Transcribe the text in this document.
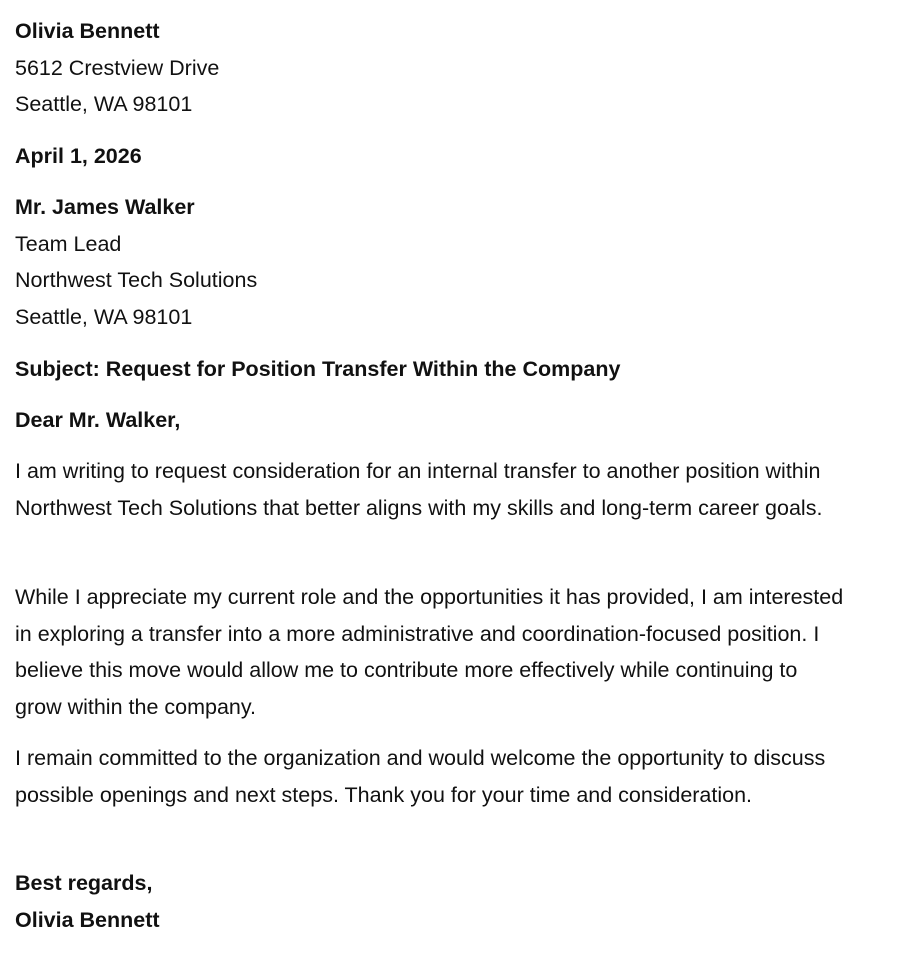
Olivia Bennett

5612 Crestview Drive

Seattle, WA 98101

April 1, 2026

Mr. James Walker

Team Lead

Northwest Tech Solutions

Seattle, WA 98101

Subject: Request for Position Transfer Within the Company
Dear Mr. Walker,
I am writing to request consideration for an internal transfer to another position within Northwest Tech Solutions that better aligns with my skills and long-term career goals.
While I appreciate my current role and the opportunities it has provided, I am interested in exploring a transfer into a more administrative and coordination-focused position. I believe this move would allow me to contribute more effectively while continuing to grow within the company.
I remain committed to the organization and would welcome the opportunity to discuss possible openings and next steps. Thank you for your time and consideration.

Best regards,

Olivia Bennett
